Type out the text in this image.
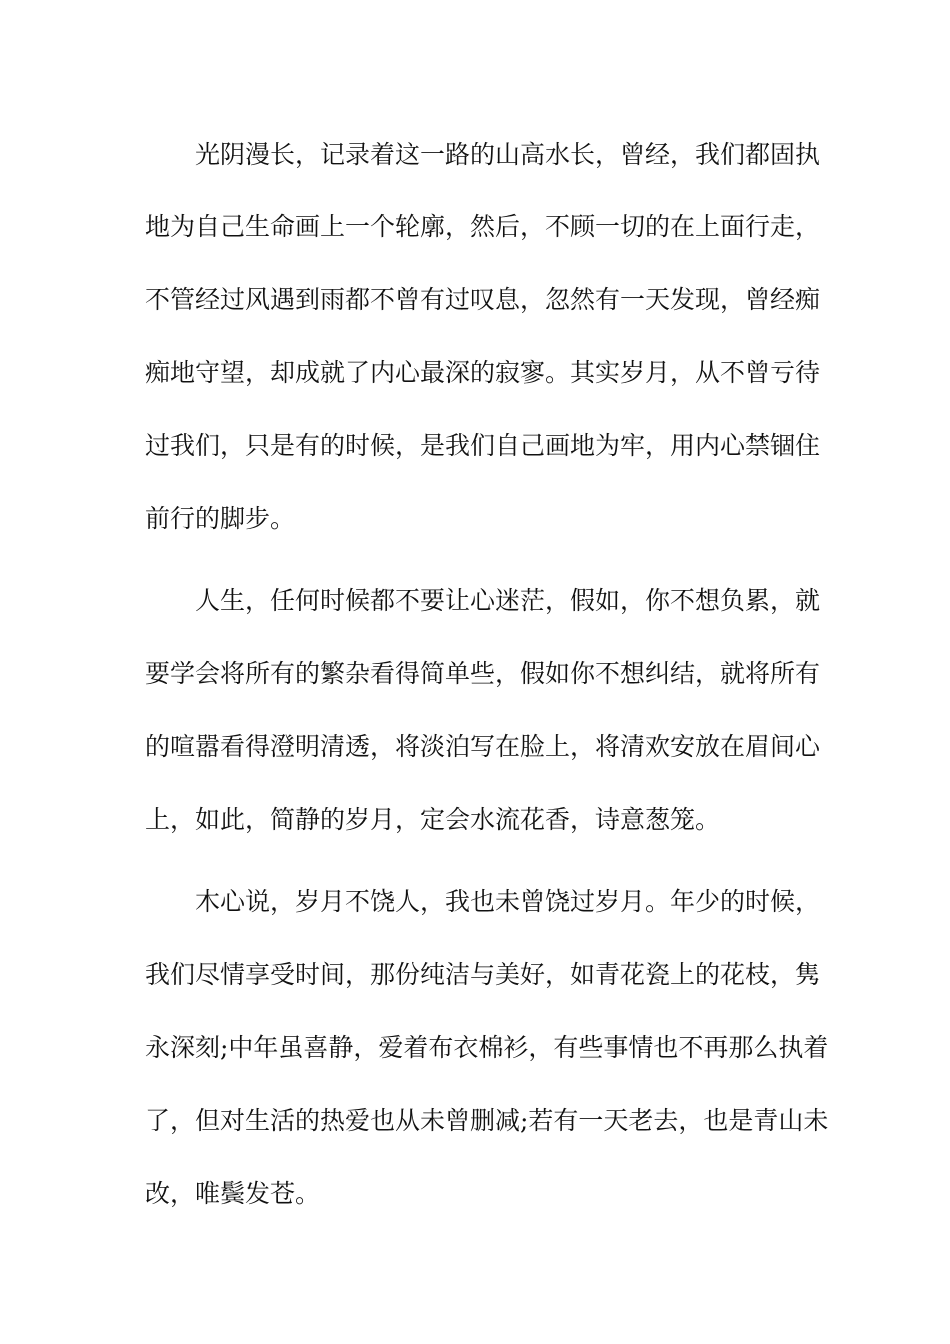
光阴漫长，记录着这一路的山高水长，曾经，我们都固执
地为自己生命画上一个轮廓，然后，不顾一切的在上面行走，
不管经过风遇到雨都不曾有过叹息，忽然有一天发现，曾经痴
痴地守望，却成就了内心最深的寂寥。其实岁月，从不曾亏待
过我们，只是有的时候，是我们自己画地为牢，用内心禁锢住
前行的脚步。
人生，任何时候都不要让心迷茫，假如，你不想负累，就
要学会将所有的繁杂看得简单些，假如你不想纠结，就将所有
的喧嚣看得澄明清透，将淡泊写在脸上，将清欢安放在眉间心
上，如此，简静的岁月，定会水流花香，诗意葱笼。
木心说，岁月不饶人，我也未曾饶过岁月。年少的时候，
我们尽情享受时间，那份纯洁与美好，如青花瓷上的花枝，隽
永深刻;中年虽喜静，爱着布衣棉衫，有些事情也不再那么执着
了，但对生活的热爱也从未曾删减;若有一天老去，也是青山未
改，唯鬓发苍。
